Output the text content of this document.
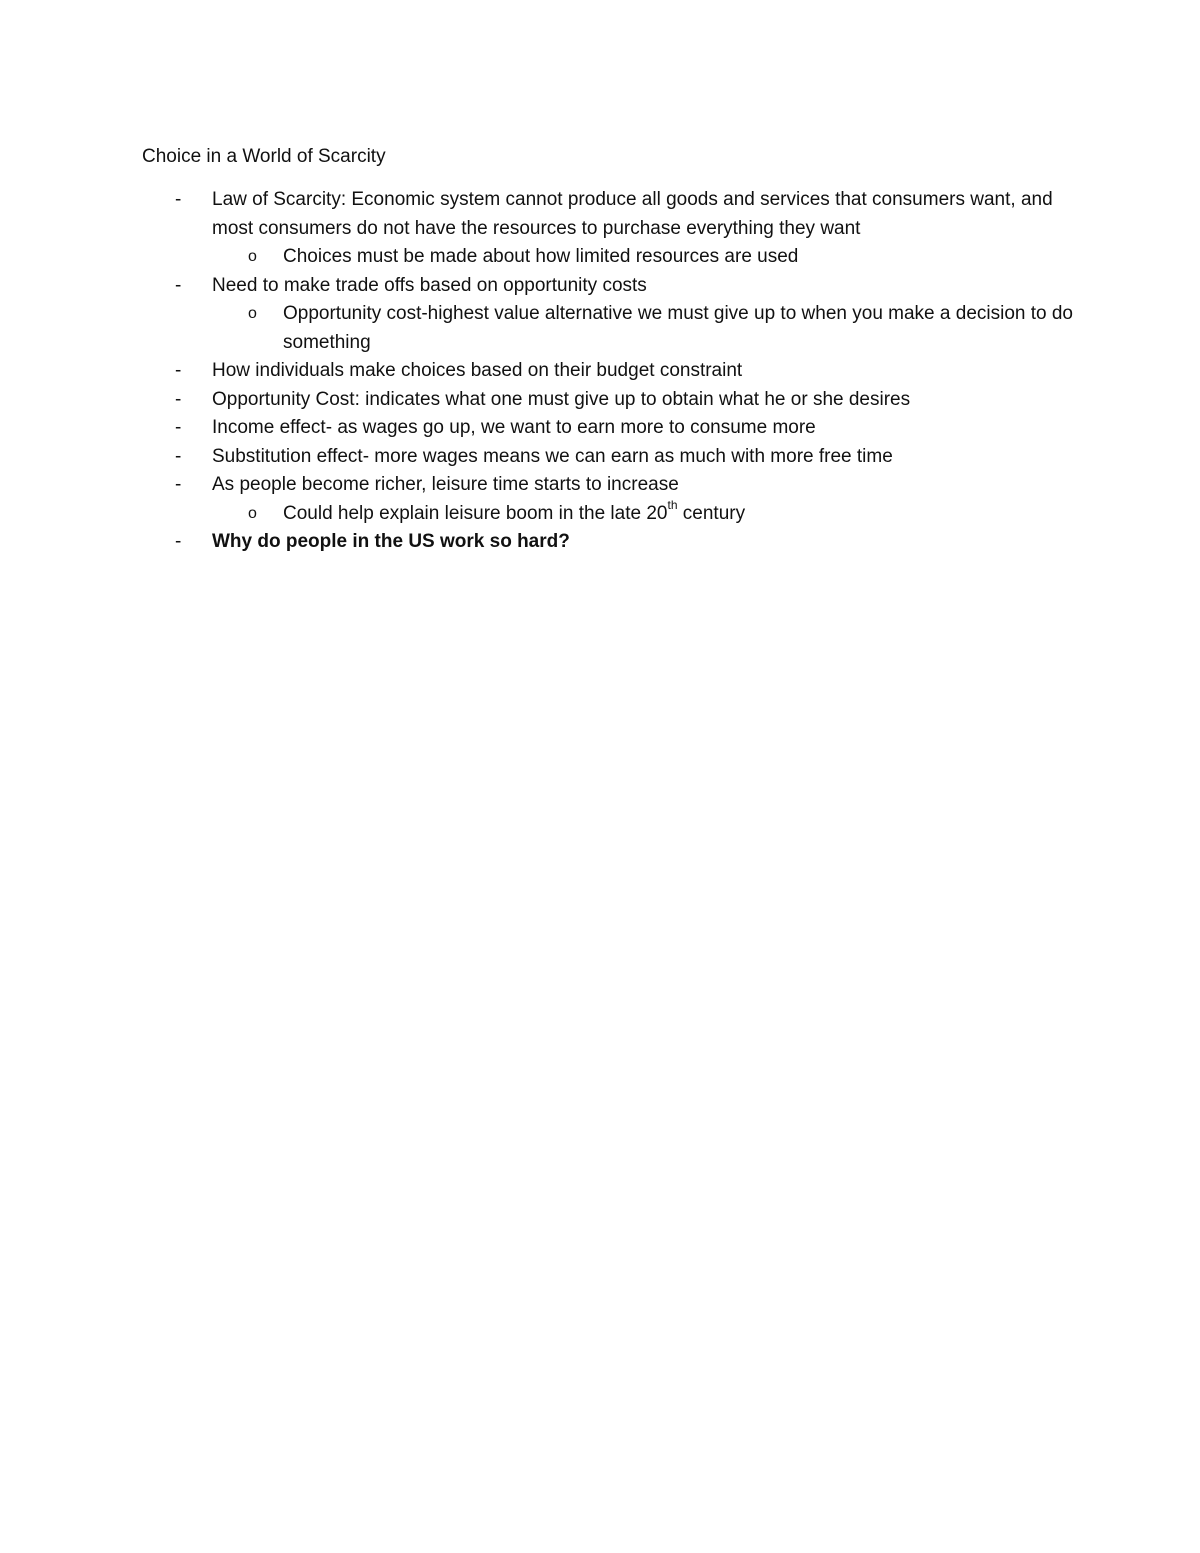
Choice in a World of Scarcity
- Law of Scarcity: Economic system cannot produce all goods and services that consumers want, and most consumers do not have the resources to purchase everything they want
o Choices must be made about how limited resources are used
- Need to make trade offs based on opportunity costs
o Opportunity cost-highest value alternative we must give up to when you make a decision to do something
- How individuals make choices based on their budget constraint
- Opportunity Cost: indicates what one must give up to obtain what he or she desires
- Income effect- as wages go up, we want to earn more to consume more
- Substitution effect- more wages means we can earn as much with more free time
- As people become richer, leisure time starts to increase
o Could help explain leisure boom in the late 20th century
- Why do people in the US work so hard?
